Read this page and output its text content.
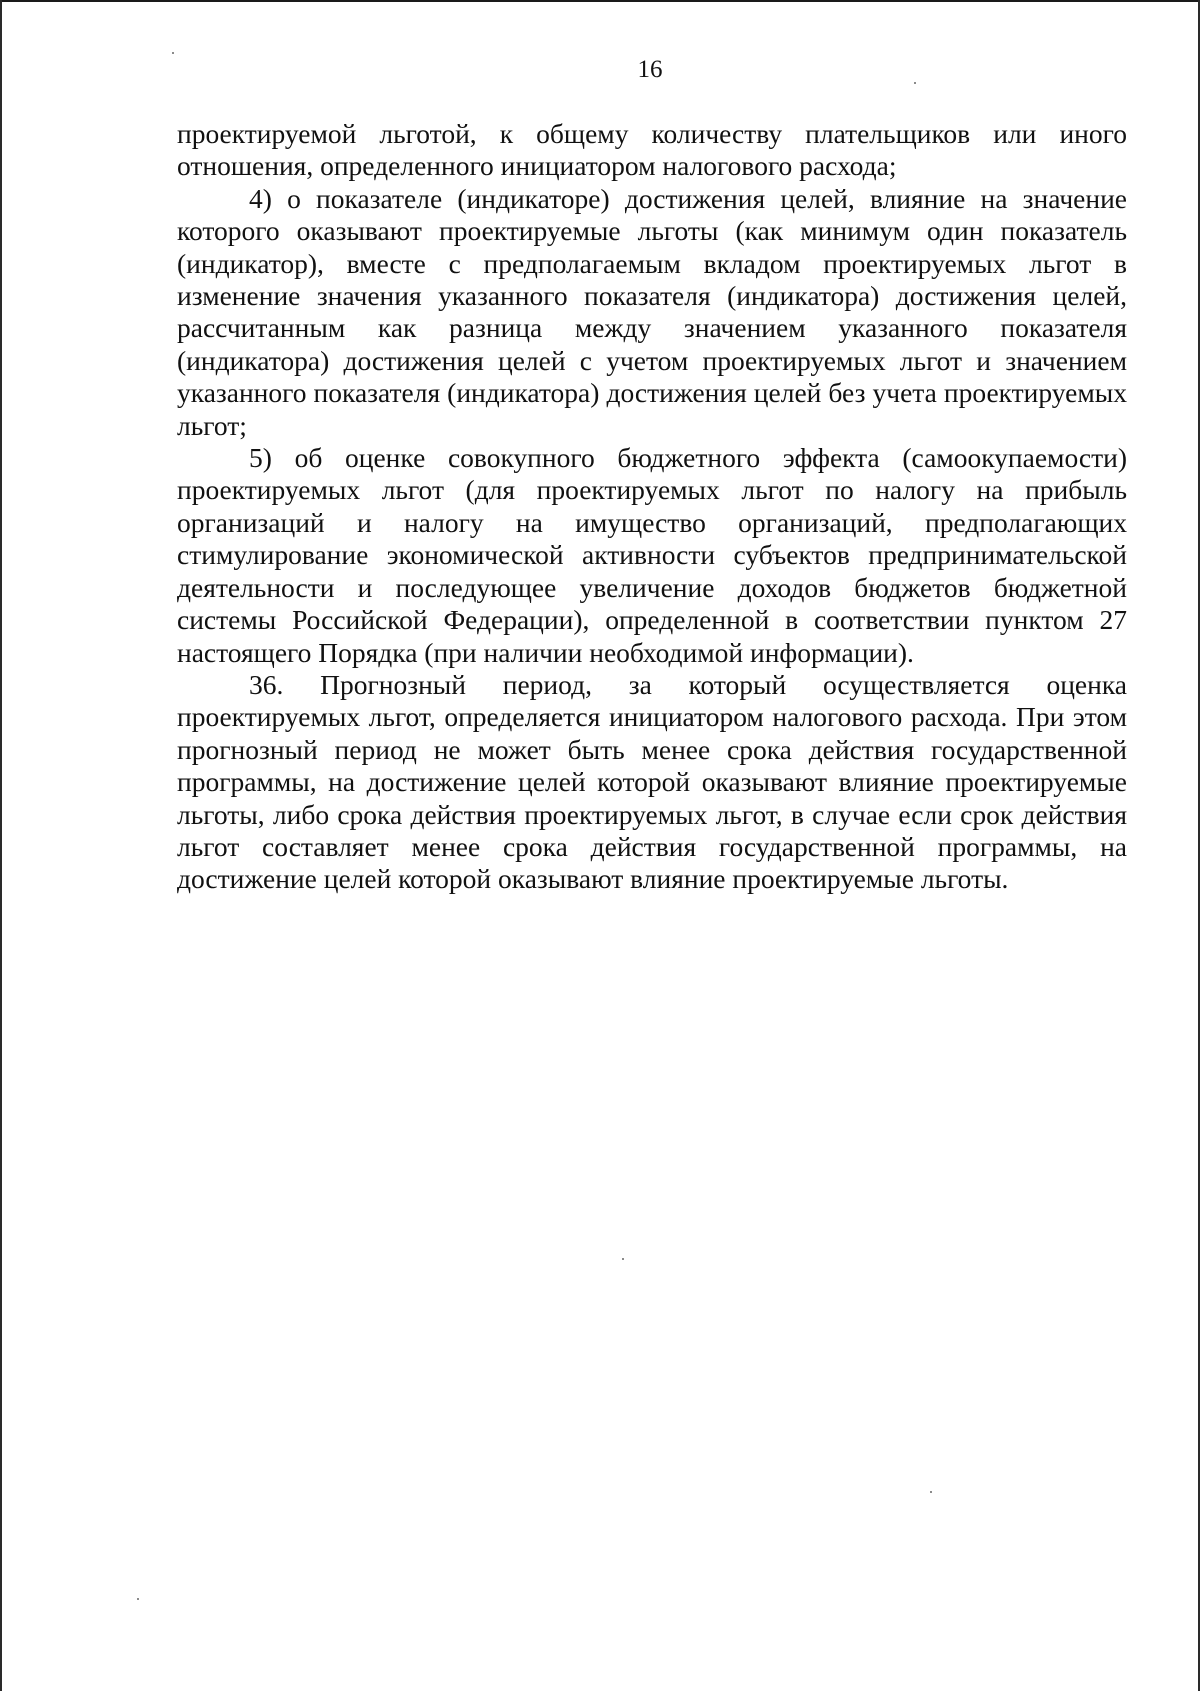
16

проектируемой льготой, к общему количеству плательщиков или иного отношения, определенного инициатором налогового расхода;

4) о показателе (индикаторе) достижения целей, влияние на значение которого оказывают проектируемые льготы (как минимум один показатель (индикатор), вместе с предполагаемым вкладом проектируемых льгот в изменение значения указанного показателя (индикатора) достижения целей, рассчитанным как разница между значением указанного показателя (индикатора) достижения целей с учетом проектируемых льгот и значением указанного показателя (индикатора) достижения целей без учета проектируемых льгот;

5) об оценке совокупного бюджетного эффекта (самоокупаемости) проектируемых льгот (для проектируемых льгот по налогу на прибыль организаций и налогу на имущество организаций, предполагающих стимулирование экономической активности субъектов предпринимательской деятельности и последующее увеличение доходов бюджетов бюджетной системы Российской Федерации), определенной в соответствии пунктом 27 настоящего Порядка (при наличии необходимой информации).

36. Прогнозный период, за который осуществляется оценка проектируемых льгот, определяется инициатором налогового расхода. При этом прогнозный период не может быть менее срока действия государственной программы, на достижение целей которой оказывают влияние проектируемые льготы, либо срока действия проектируемых льгот, в случае если срок действия льгот составляет менее срока действия государственной программы, на достижение целей которой оказывают влияние проектируемые льготы.
